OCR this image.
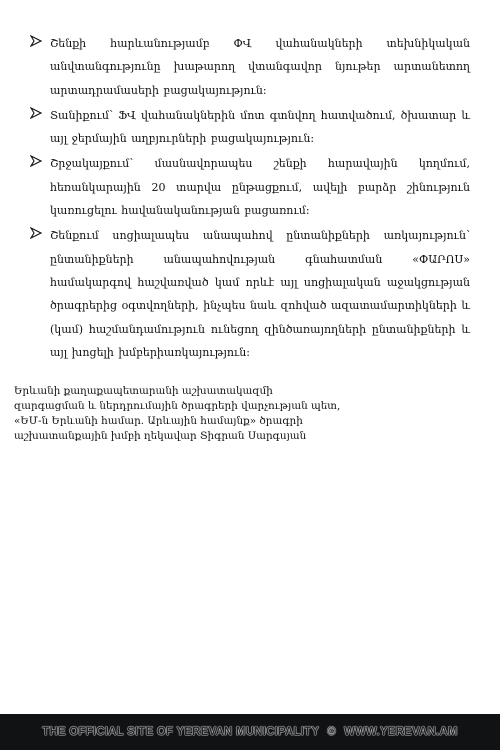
Շենքի հարևանությամբ ՓՎ վահանակների տեխնիկական անվտանգությունը խաթարող վտանգավոր նյութեր արտանետող արտադրամասերի բացակայություն:
Տանիքում՝ ՖՎ վահանակներին մոտ գտնվող հատվածում, ծխատար և այլ ջերմային աղբյուրների բացակայություն:
Շրջակայքում՝ մասնավորապես շենքի հարավային կողմում, հեռանկարային 20 տարվա ընթացքում, ավելի բարձր շինություն կառուցելու հավանականության բացառում:
Շենքում սոցիալապես անապահով ընտանիքների առկայություն՝ ընտանիքների անապահովության գնահատման «ՓԱՐՈՍ» համակարգով հաշվառված կամ որևէ այլ սոցիալական աջակցության ծրագրերից օգտվողների, ինչպես նաև զոհված ազատամարտիկների և (կամ) հաշմանդամություն ունեցող զինծառայողների ընտանիքների և այլ խոցելի խմբերիառկայություն:
Երևանի քաղաքապետարանի աշխատակազմի
զարգացման և ներդրումային ծրագրերի վարչության պետ,
«ԵՄ-ն Երևանի համար. Արևային համայնք» ծրագրի
աշխատանքային խմբի ղեկավար Տիգրան Սարգսյան
THE OFFICIAL SITE OF YEREVAN MUNICIPALITY © WWW.YEREVAN.AM
